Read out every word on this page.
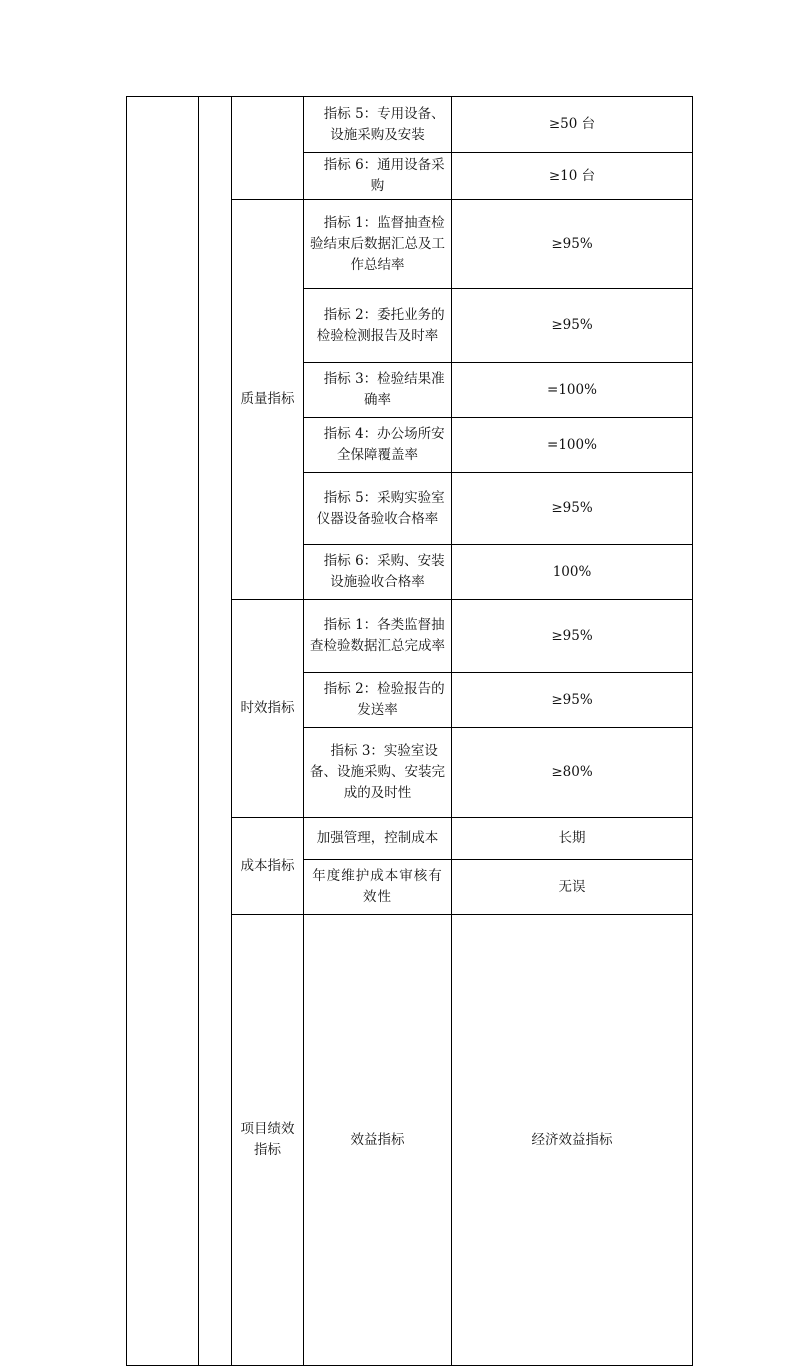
			指标 5：专用设备、设施采购及安装	≥50 台	
			指标 6：通用设备采购	≥10 台	
		质量指标	指标 1：监督抽查检验结束后数据汇总及工作总结率	≥95%	
			指标 2：委托业务的检验检测报告及时率	≥95%	
			指标 3：检验结果准确率	=100%	
			指标 4：办公场所安全保障覆盖率	=100%	
			指标 5：采购实验室仪器设备验收合格率	≥95%	
			指标 6：采购、安装设施验收合格率	100%	
		时效指标	指标 1：各类监督抽查检验数据汇总完成率	≥95%	
			指标 2：检验报告的发送率	≥95%	
			指标 3：实验室设备、设施采购、安装完成的及时性	≥80%	
		成本指标	加强管理，控制成本	长期	
			年度维护成本审核有效性	无误	
		项目绩效指标	效益指标	经济效益指标		
